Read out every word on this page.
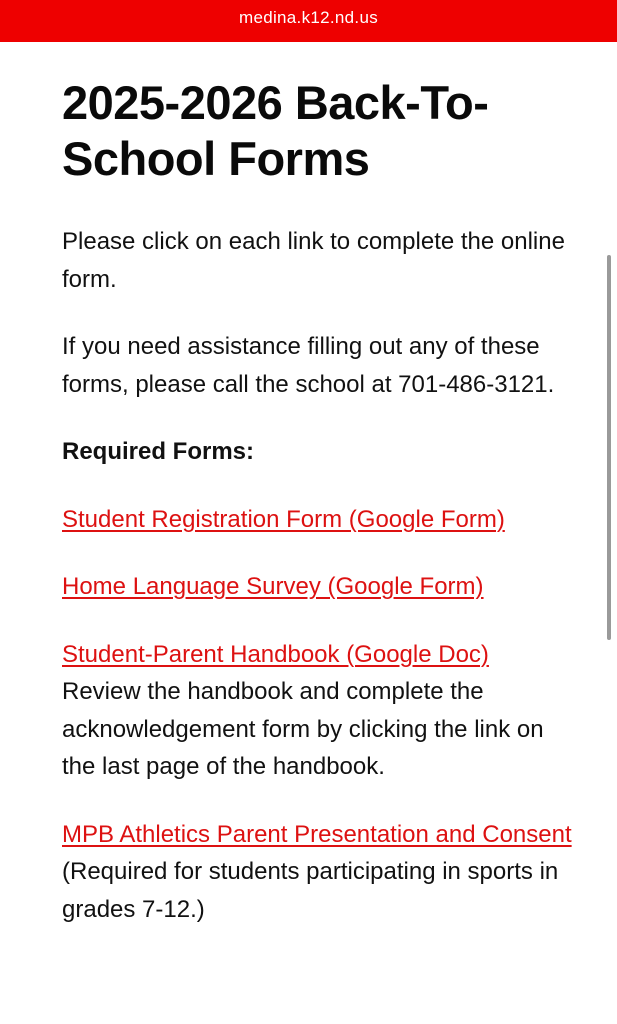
medina.k12.nd.us
2025-2026 Back-To-School Forms

Please click on each link to complete the online form.

If you need assistance filling out any of these forms, please call the school at 701-486-3121.

Required Forms:

Student Registration Form (Google Form)

Home Language Survey (Google Form)

Student-Parent Handbook (Google Doc)
Review the handbook and complete the acknowledgement form by clicking the link on the last page of the handbook.

MPB Athletics Parent Presentation and Consent (Required for students participating in sports in grades 7-12.)
